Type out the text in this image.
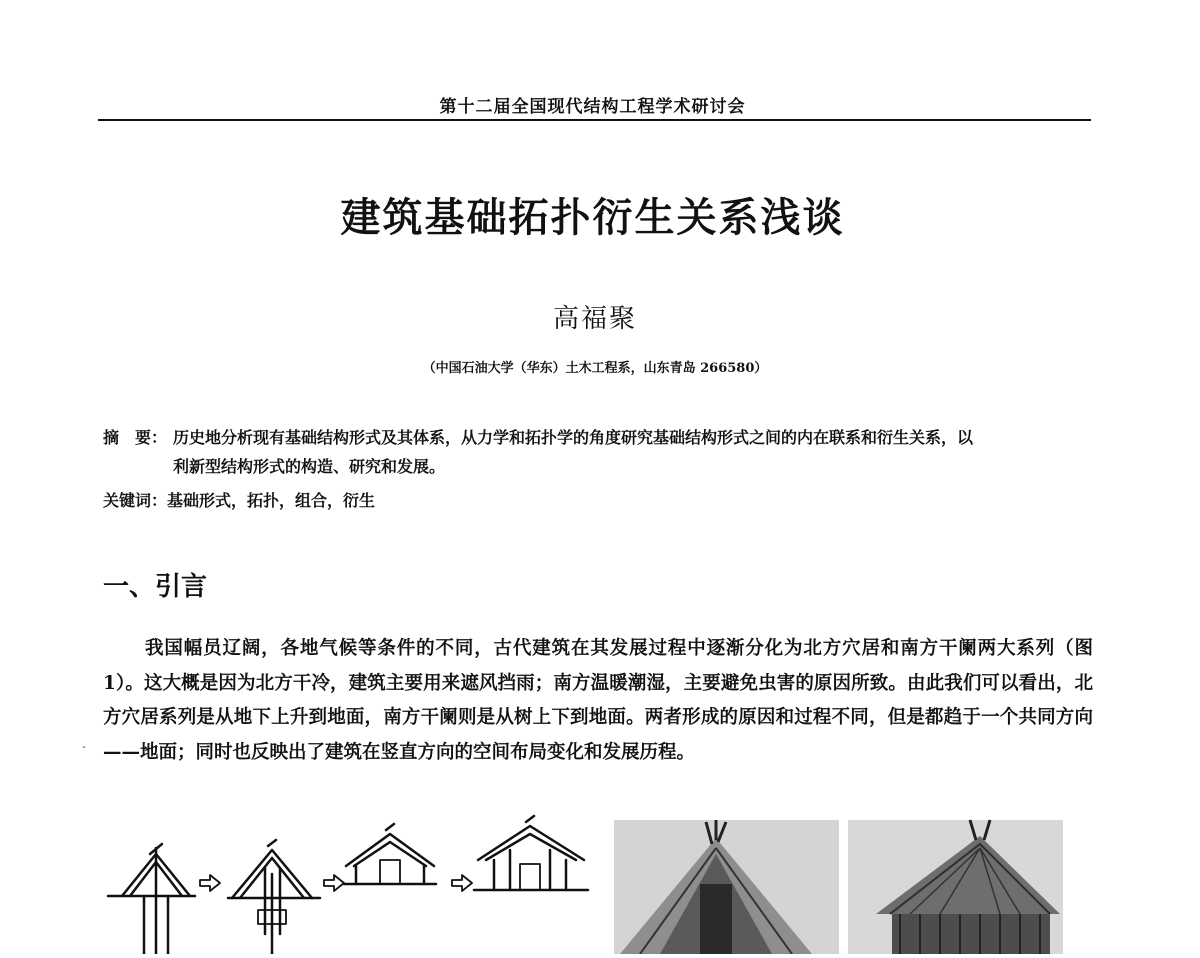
第十二届全国现代结构工程学术研讨会
建筑基础拓扑衍生关系浅谈
高福聚
（中国石油大学（华东）土木工程系，山东青岛 266580）
摘　要： 历史地分析现有基础结构形式及其体系，从力学和拓扑学的角度研究基础结构形式之间的内在联系和衍生关系，以
利新型结构形式的构造、研究和发展。
关键词：基础形式，拓扑，组合，衍生
一、引言
我国幅员辽阔，各地气候等条件的不同，古代建筑在其发展过程中逐渐分化为北方穴居和南方干阑两大系列（图 1）。这大概是因为北方干冷，建筑主要用来遮风挡雨；南方温暖潮湿，主要避免虫害的原因所致。由此我们可以看出，北方穴居系列是从地下上升到地面，南方干阑则是从树上下到地面。两者形成的原因和过程不同，但是都趋于一个共同方向——地面；同时也反映出了建筑在竖直方向的空间布局变化和发展历程。
-
